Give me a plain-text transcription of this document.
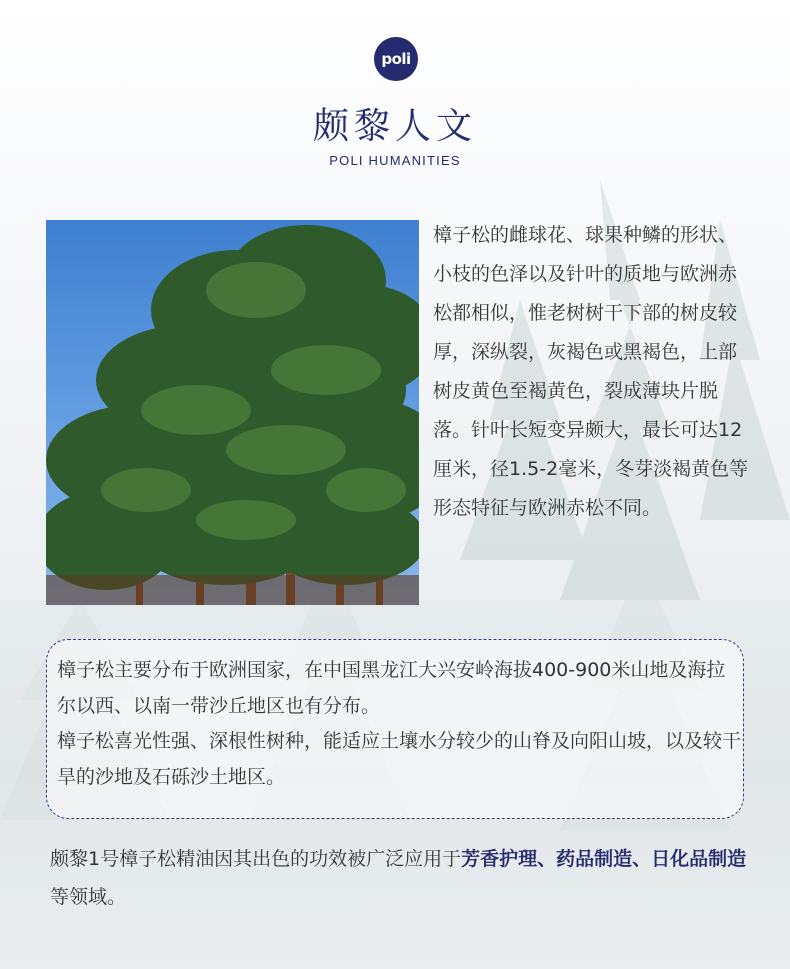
poli
颇黎人文
POLI HUMANITIES
樟子松的雌球花、球果种鳞的形状、小枝的色泽以及针叶的质地与欧洲赤松都相似，惟老树树干下部的树皮较厚，深纵裂，灰褐色或黑褐色，上部树皮黄色至褐黄色，裂成薄块片脱落。针叶长短变异颇大，最长可达12厘米，径1.5-2毫米，冬芽淡褐黄色等形态特征与欧洲赤松不同。

樟子松主要分布于欧洲国家，在中国黑龙江大兴安岭海拔400-900米山地及海拉尔以西、以南一带沙丘地区也有分布。

樟子松喜光性强、深根性树种，能适应土壤水分较少的山脊及向阳山坡，以及较干旱的沙地及石砾沙土地区。

颇黎1号樟子松精油因其出色的功效被广泛应用于芳香护理、药品制造、日化品制造等领域。
